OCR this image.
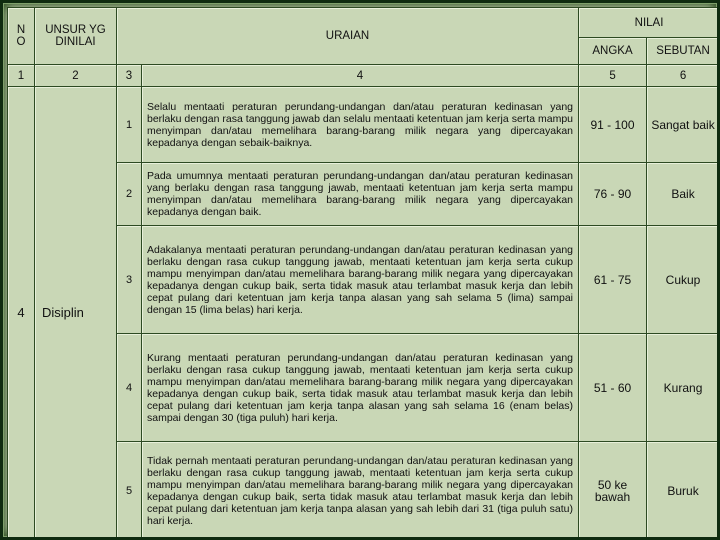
N O	UNSUR YG DINILAI	URAIAN		NILAI	
				ANGKA	SEBUTAN
1	2	3	4	5	6
4	Disiplin	1	Selalu mentaati peraturan perundang-undangan dan/atau peraturan kedinasan yang berlaku dengan rasa tanggung jawab dan selalu mentaati ketentuan jam kerja serta mampu menyimpan dan/atau memelihara barang-barang milik negara yang dipercayakan kepadanya dengan sebaik-baiknya.	91 - 100	Sangat baik
		2	Pada umumnya mentaati peraturan perundang-undangan dan/atau peraturan kedinasan yang berlaku dengan rasa tanggung jawab, mentaati ketentuan jam kerja serta mampu menyimpan dan/atau memelihara barang-barang milik negara yang dipercayakan kepadanya dengan baik.	76 - 90	Baik
		3	Adakalanya mentaati peraturan perundang-undangan dan/atau peraturan kedinasan yang berlaku dengan rasa cukup tanggung jawab, mentaati ketentuan jam kerja serta cukup mampu menyimpan dan/atau memelihara barang-barang milik negara yang dipercayakan kepadanya dengan cukup baik, serta tidak masuk atau terlambat masuk kerja dan lebih cepat pulang dari ketentuan jam kerja tanpa alasan yang sah selama 5 (lima) sampai dengan 15 (lima belas) hari kerja.	61 - 75	Cukup
		4	Kurang mentaati peraturan perundang-undangan dan/atau peraturan kedinasan yang berlaku dengan rasa cukup tanggung jawab, mentaati ketentuan jam kerja serta cukup mampu menyimpan dan/atau memelihara barang-barang milik negara yang dipercayakan kepadanya dengan cukup baik, serta tidak masuk atau terlambat masuk kerja dan lebih cepat pulang dari ketentuan jam kerja tanpa alasan yang sah selama 16 (enam belas) sampai dengan 30 (tiga puluh) hari kerja.	51 - 60	Kurang
		5	Tidak pernah mentaati peraturan perundang-undangan dan/atau peraturan kedinasan yang berlaku dengan rasa cukup tanggung jawab, mentaati ketentuan jam kerja serta cukup mampu menyimpan dan/atau memelihara barang-barang milik negara yang dipercayakan kepadanya dengan cukup baik, serta tidak masuk atau terlambat masuk kerja dan lebih cepat pulang dari ketentuan jam kerja tanpa alasan yang sah lebih dari 31 (tiga puluh satu) hari kerja.	50 ke bawah	Buruk
